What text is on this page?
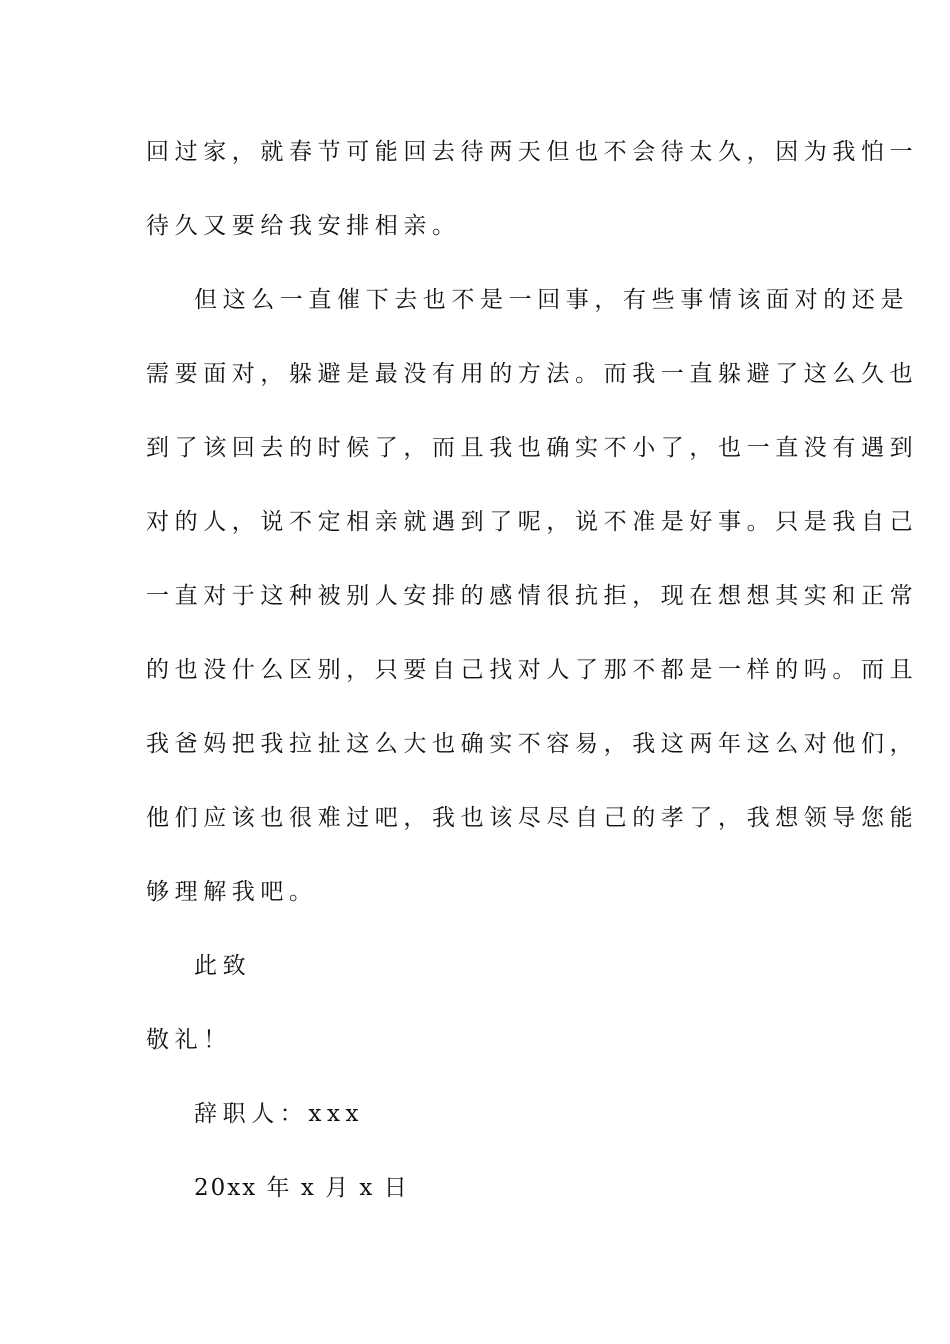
回过家，就春节可能回去待两天但也不会待太久，因为我怕一
待久又要给我安排相亲。
但这么一直催下去也不是一回事，有些事情该面对的还是
需要面对，躲避是最没有用的方法。而我一直躲避了这么久也
到了该回去的时候了，而且我也确实不小了，也一直没有遇到
对的人，说不定相亲就遇到了呢，说不准是好事。只是我自己
一直对于这种被别人安排的感情很抗拒，现在想想其实和正常
的也没什么区别，只要自己找对人了那不都是一样的吗。而且
我爸妈把我拉扯这么大也确实不容易，我这两年这么对他们，
他们应该也很难过吧，我也该尽尽自己的孝了，我想领导您能
够理解我吧。
此致
敬礼！
辞职人：xxx
20xx 年 x 月 x 日
